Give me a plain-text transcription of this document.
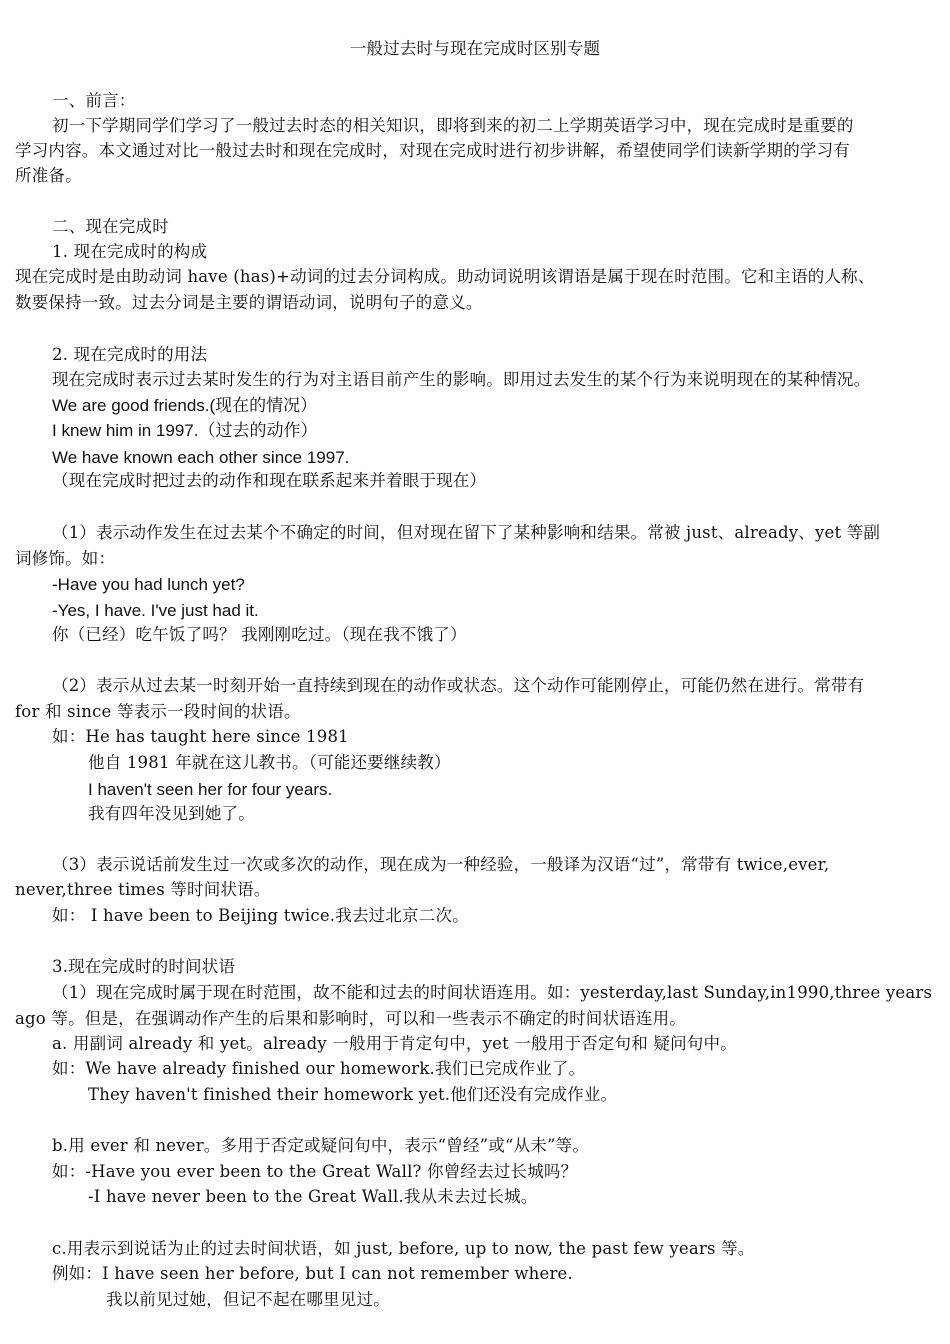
一般过去时与现在完成时区别专题
一、前言：
初一下学期同学们学习了一般过去时态的相关知识，即将到来的初二上学期英语学习中，现在完成时是重要的
学习内容。本文通过对比一般过去时和现在完成时，对现在完成时进行初步讲解，希望使同学们读新学期的学习有
所准备。
二、现在完成时
1. 现在完成时的构成
现在完成时是由助动词 have (has)+动词的过去分词构成。助动词说明该谓语是属于现在时范围。它和主语的人称、
数要保持一致。过去分词是主要的谓语动词，说明句子的意义。
2. 现在完成时的用法
现在完成时表示过去某时发生的行为对主语目前产生的影响。即用过去发生的某个行为来说明现在的某种情况。
We are good friends.(现在的情况）
I knew him in 1997.（过去的动作）
We have known each other since 1997.
（现在完成时把过去的动作和现在联系起来并着眼于现在）
（1）表示动作发生在过去某个不确定的时间，但对现在留下了某种影响和结果。常被 just、already、yet 等副
词修饰。如：
-Have you had lunch yet?
-Yes, I have. I've just had it.
你（已经）吃午饭了吗？ 我刚刚吃过。（现在我不饿了）
（2）表示从过去某一时刻开始一直持续到现在的动作或状态。这个动作可能刚停止，可能仍然在进行。常带有
for 和 since 等表示一段时间的状语。
如：He has taught here since 1981
他自 1981 年就在这儿教书。（可能还要继续教）
I haven't seen her for four years.
我有四年没见到她了。
（3）表示说话前发生过一次或多次的动作，现在成为一种经验，一般译为汉语“过”，常带有 twice,ever,
never,three times 等时间状语。
如： I have been to Beijing twice.我去过北京二次。
3.现在完成时的时间状语
（1）现在完成时属于现在时范围，故不能和过去的时间状语连用。如：yesterday,last Sunday,in1990,three years
ago 等。但是，在强调动作产生的后果和影响时，可以和一些表示不确定的时间状语连用。
a. 用副词 already 和 yet。already 一般用于肯定句中，yet 一般用于否定句和 疑问句中。
如：We have already finished our homework.我们已完成作业了。
They haven't finished their homework yet.他们还没有完成作业。
b.用 ever 和 never。多用于否定或疑问句中，表示“曾经”或“从未”等。
如：-Have you ever been to the Great Wall? 你曾经去过长城吗？
-I have never been to the Great Wall.我从未去过长城。
c.用表示到说话为止的过去时间状语，如 just, before, up to now, the past few years 等。
例如：I have seen her before, but I can not remember where.
我以前见过她，但记不起在哪里见过。
